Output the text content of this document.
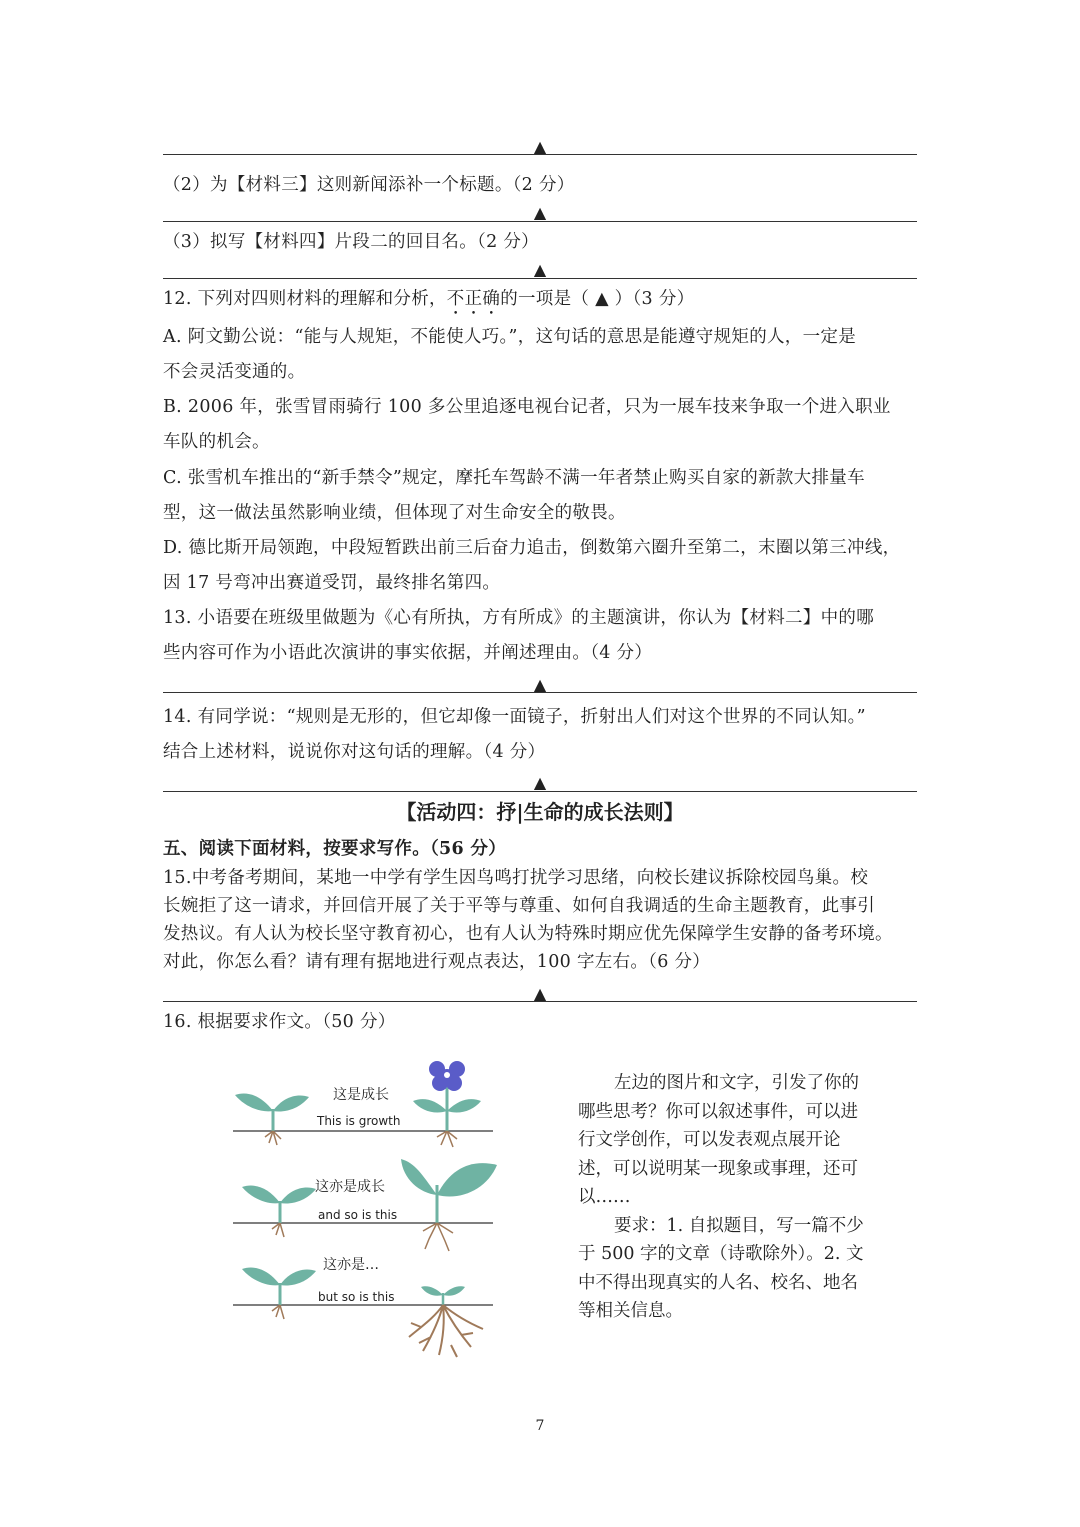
▲
（2）为【材料三】这则新闻添补一个标题。（2 分）
▲
（3）拟写【材料四】片段二的回目名。（2 分）
▲
12. 下列对四则材料的理解和分析，不正确的一项是（ ▲ ）（3 分）
A. 阿文勤公说：“能与人规矩，不能使人巧。”，这句话的意思是能遵守规矩的人，一定是
不会灵活变通的。
B. 2006 年，张雪冒雨骑行 100 多公里追逐电视台记者，只为一展车技来争取一个进入职业
车队的机会。
C. 张雪机车推出的“新手禁令”规定，摩托车驾龄不满一年者禁止购买自家的新款大排量车
型，这一做法虽然影响业绩，但体现了对生命安全的敬畏。
D. 德比斯开局领跑，中段短暂跌出前三后奋力追击，倒数第六圈升至第二，末圈以第三冲线，
因 17 号弯冲出赛道受罚，最终排名第四。
13. 小语要在班级里做题为《心有所执，方有所成》的主题演讲，你认为【材料二】中的哪
些内容可作为小语此次演讲的事实依据，并阐述理由。（4 分）
▲
14. 有同学说：“规则是无形的，但它却像一面镜子，折射出人们对这个世界的不同认知。”
结合上述材料，说说你对这句话的理解。（4 分）
▲
【活动四：抒|生命的成长法则】
五、阅读下面材料，按要求写作。（56 分）
15.中考备考期间，某地一中学有学生因鸟鸣打扰学习思绪，向校长建议拆除校园鸟巢。校
长婉拒了这一请求，并回信开展了关于平等与尊重、如何自我调适的生命主题教育，此事引
发热议。有人认为校长坚守教育初心，也有人认为特殊时期应优先保障学生安静的备考环境。
对此，你怎么看？请有理有据地进行观点表达，100 字左右。（6 分）
▲
16. 根据要求作文。（50 分）
这是成长
This is growth
这亦是成长
and so is this
这亦是…
but so is this
左边的图片和文字，引发了你的
哪些思考？你可以叙述事件，可以进
行文学创作，可以发表观点展开论
述，可以说明某一现象或事理，还可
以……
要求：1. 自拟题目，写一篇不少
于 500 字的文章（诗歌除外）。2. 文
中不得出现真实的人名、校名、地名
等相关信息。
7
